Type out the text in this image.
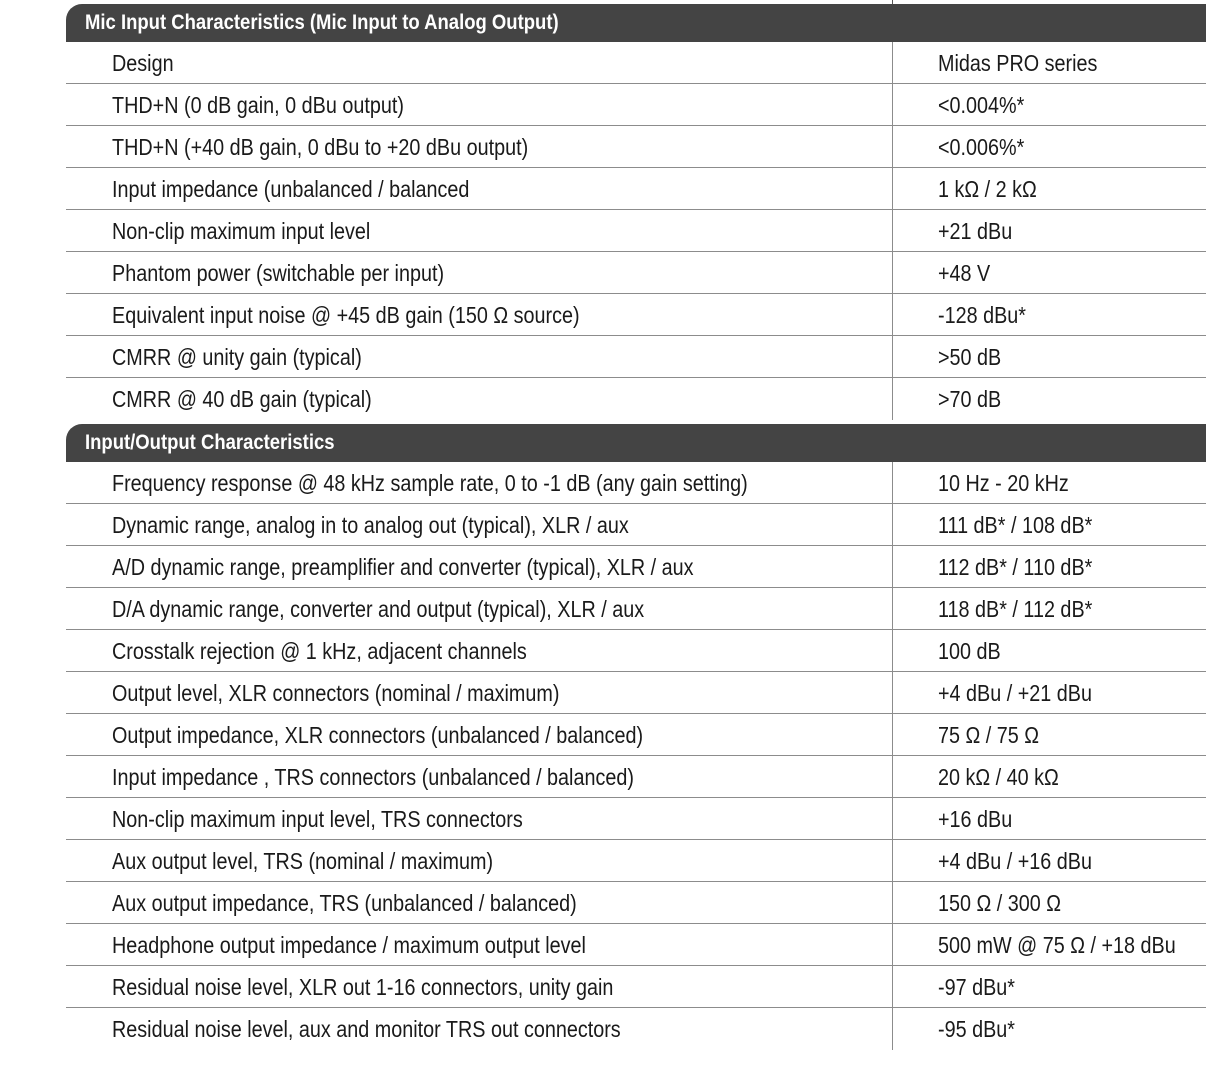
Mic Input Characteristics (Mic Input to Analog Output)
Design	Midas PRO series
THD+N (0 dB gain, 0 dBu output)	<0.004%*
THD+N (+40 dB gain, 0 dBu to +20 dBu output)	<0.006%*
Input impedance (unbalanced / balanced	1 kΩ / 2 kΩ
Non-clip maximum input level	+21 dBu
Phantom power (switchable per input)	+48 V
Equivalent input noise @ +45 dB gain (150 Ω source)	-128 dBu*
CMRR @ unity gain (typical)	>50 dB
CMRR @ 40 dB gain (typical)	>70 dB
Input/Output Characteristics
Frequency response @ 48 kHz sample rate, 0 to -1 dB (any gain setting)	10 Hz - 20 kHz
Dynamic range, analog in to analog out (typical), XLR / aux	111 dB* / 108 dB*
A/D dynamic range, preamplifier and converter (typical), XLR / aux	112 dB* / 110 dB*
D/A dynamic range, converter and output (typical), XLR / aux	118 dB* / 112 dB*
Crosstalk rejection @ 1 kHz, adjacent channels	100 dB
Output level, XLR connectors (nominal / maximum)	+4 dBu / +21 dBu
Output impedance, XLR connectors (unbalanced / balanced)	75 Ω / 75 Ω
Input impedance , TRS connectors (unbalanced / balanced)	20 kΩ / 40 kΩ
Non-clip maximum input level, TRS connectors	+16 dBu
Aux output level, TRS (nominal / maximum)	+4 dBu / +16 dBu
Aux output impedance, TRS (unbalanced / balanced)	150 Ω / 300 Ω
Headphone output impedance / maximum output level	500 mW @ 75 Ω / +18 dBu
Residual noise level, XLR out 1-16 connectors, unity gain	-97 dBu*
Residual noise level, aux and monitor TRS out connectors	-95 dBu*
